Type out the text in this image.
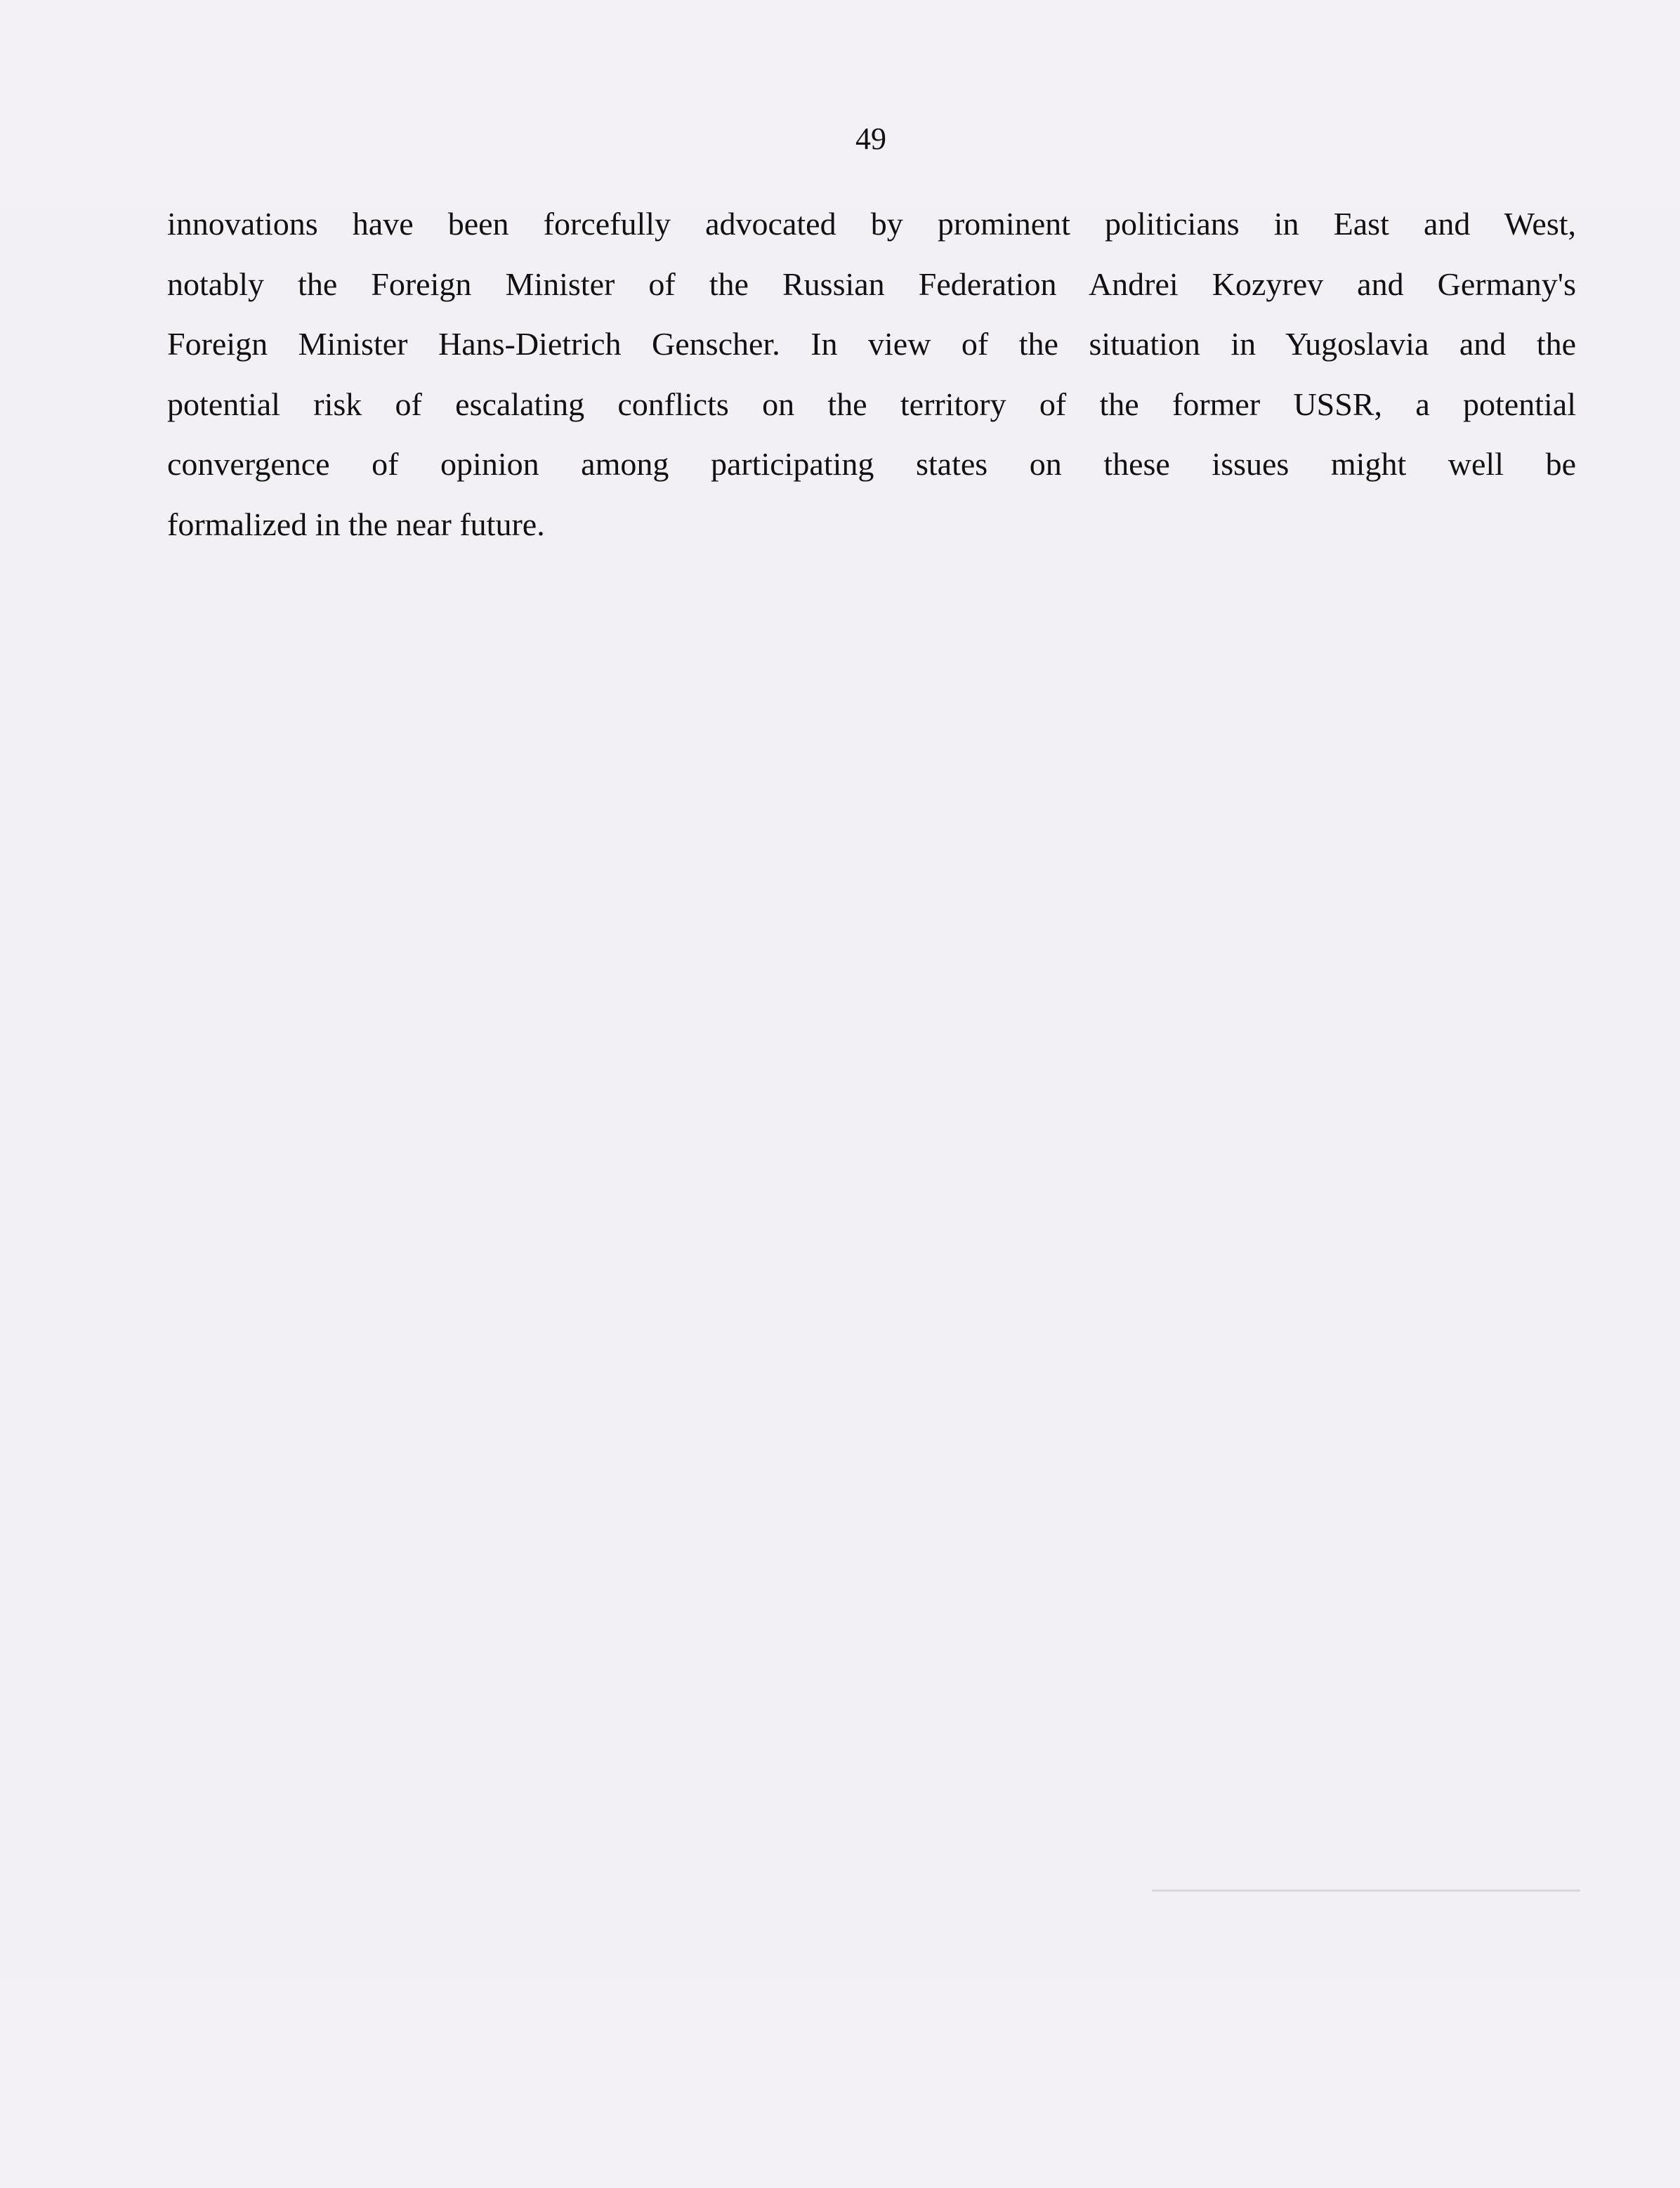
49
innovations have been forcefully advocated by prominent politicians in East and West,
notably the Foreign Minister of the Russian Federation Andrei Kozyrev and Germany's
Foreign Minister Hans-Dietrich Genscher. In view of the situation in Yugoslavia and the
potential risk of escalating conflicts on the territory of the former USSR, a potential
convergence of opinion among participating states on these issues might well be
formalized in the near future.
